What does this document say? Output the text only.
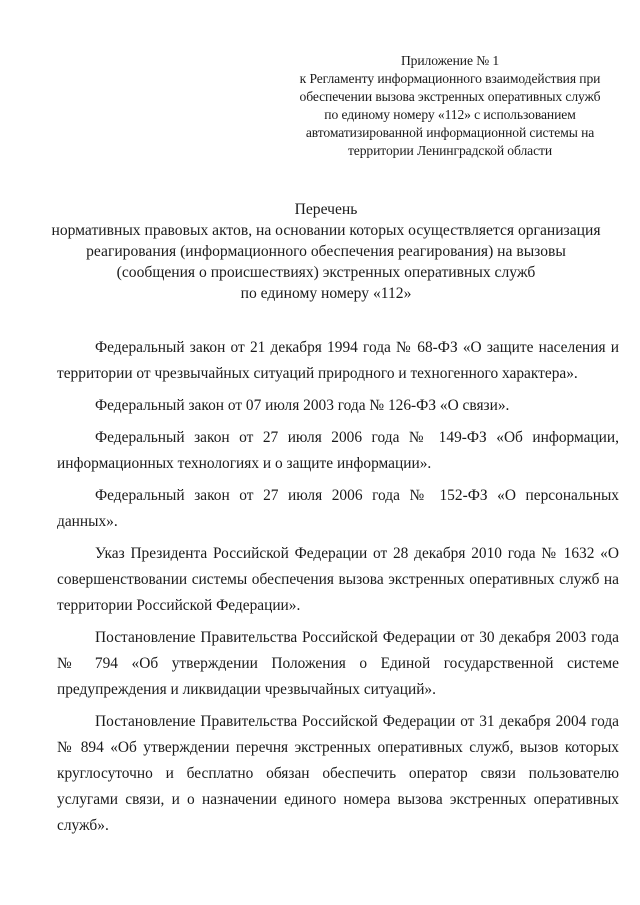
Приложение № 1
к Регламенту информационного взаимодействия при
обеспечении вызова экстренных оперативных служб
по единому номеру «112» с использованием
автоматизированной информационной системы на
территории Ленинградской области
Перечень
нормативных правовых актов, на основании которых осуществляется организация
реагирования (информационного обеспечения реагирования) на вызовы
(сообщения о происшествиях) экстренных оперативных служб
по единому номеру «112»
Федеральный закон от 21 декабря 1994 года № 68-ФЗ «О защите населения и
территории от чрезвычайных ситуаций природного и техногенного характера».
Федеральный закон от 07 июля 2003 года № 126-ФЗ «О связи».
Федеральный закон от 27 июля 2006 года № 149-ФЗ «Об информации,
информационных технологиях и о защите информации».
Федеральный закон от 27 июля 2006 года № 152-ФЗ «О персональных
данных».
Указ Президента Российской Федерации от 28 декабря 2010 года № 1632 «О
совершенствовании системы обеспечения вызова экстренных оперативных служб на
территории Российской Федерации».
Постановление Правительства Российской Федерации от 30 декабря 2003 года
№ 794 «Об утверждении Положения о Единой государственной системе
предупреждения и ликвидации чрезвычайных ситуаций».
Постановление Правительства Российской Федерации от 31 декабря 2004 года
№ 894 «Об утверждении перечня экстренных оперативных служб, вызов которых
круглосуточно и бесплатно обязан обеспечить оператор связи пользователю
услугами связи, и о назначении единого номера вызова экстренных оперативных
служб».
